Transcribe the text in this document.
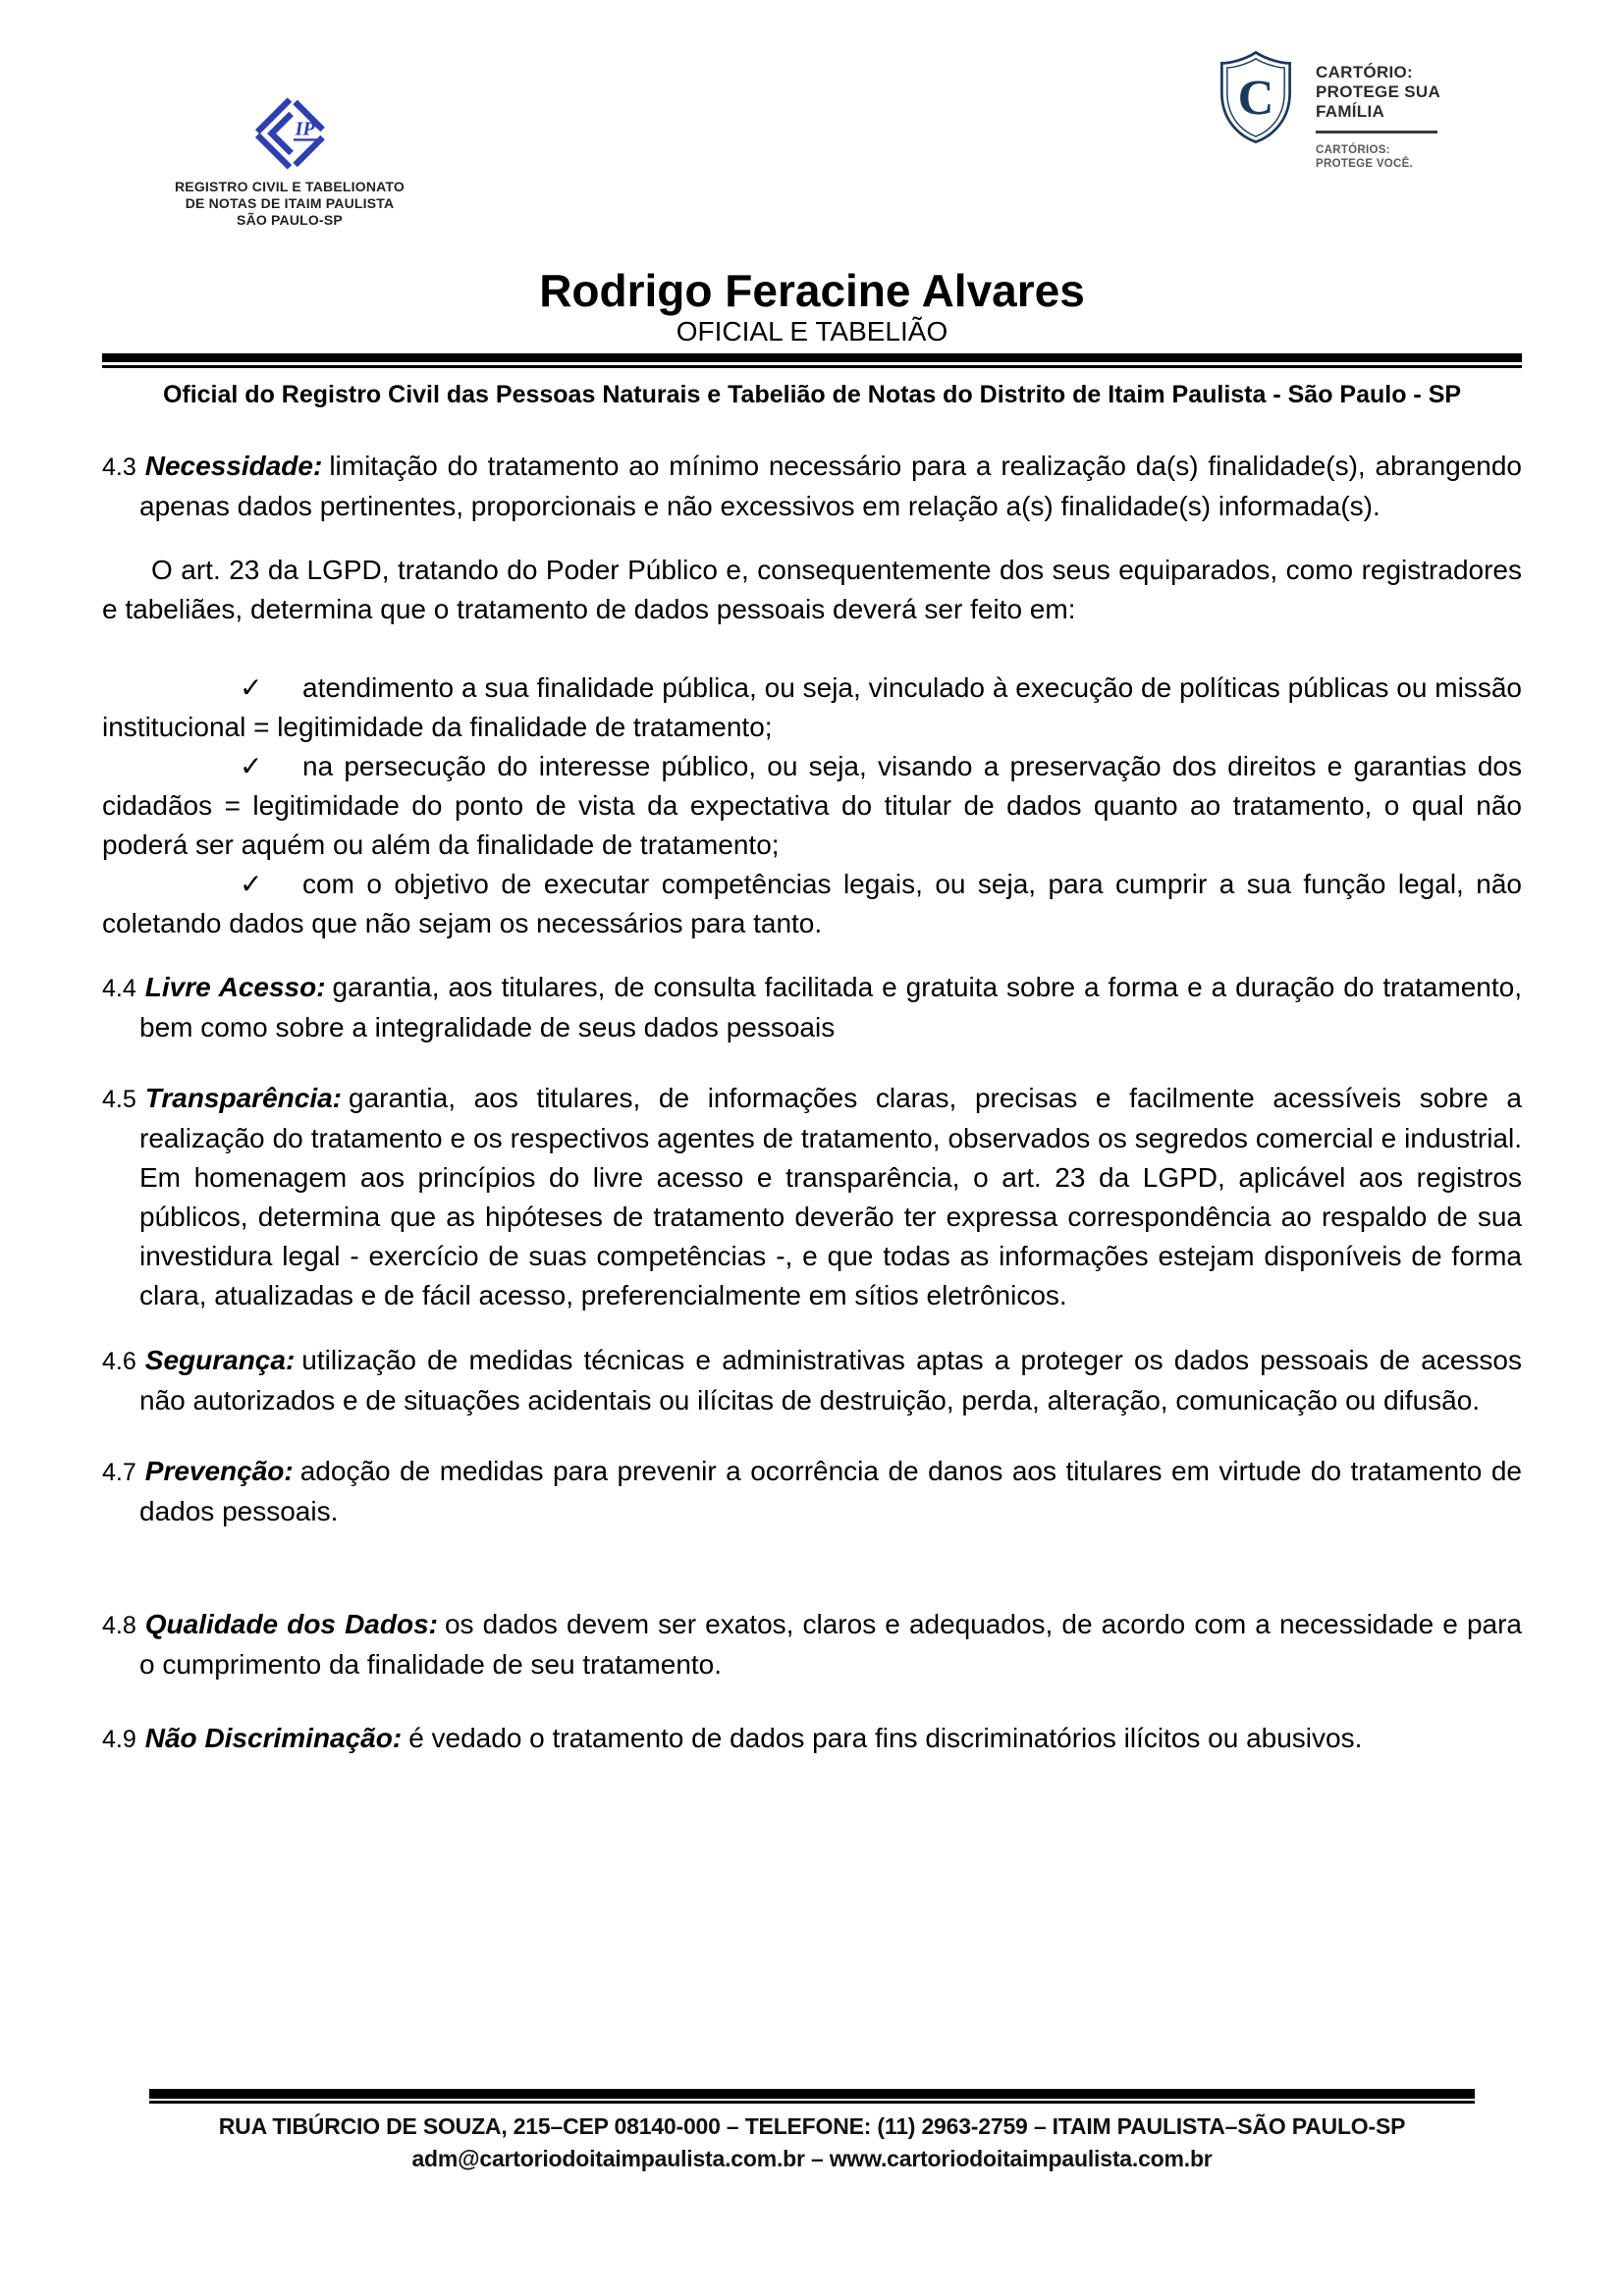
IP
REGISTRO CIVIL E TABELIONATO
DE NOTAS DE ITAIM PAULISTA
SÃO PAULO-SP
C	CARTÓRIO:
PROTEGE SUA
FAMÍLIA
CARTÓRIOS:
PROTEGE VOCÊ.
Rodrigo Feracine Alvares
OFICIAL E TABELIÃO
Oficial do Registro Civil das Pessoas Naturais e Tabelião de Notas do Distrito de Itaim Paulista - São Paulo - SP

4.3 Necessidade: limitação do tratamento ao mínimo necessário para a realização da(s) finalidade(s), abrangendo apenas dados pertinentes, proporcionais e não excessivos em relação a(s) finalidade(s) informada(s).

O art. 23 da LGPD, tratando do Poder Público e, consequentemente dos seus equiparados, como registradores e tabeliães, determina que o tratamento de dados pessoais deverá ser feito em:

✓ atendimento a sua finalidade pública, ou seja, vinculado à execução de políticas públicas ou missão institucional = legitimidade da finalidade de tratamento;

✓ na persecução do interesse público, ou seja, visando a preservação dos direitos e garantias dos cidadãos = legitimidade do ponto de vista da expectativa do titular de dados quanto ao tratamento, o qual não poderá ser aquém ou além da finalidade de tratamento;

✓ com o objetivo de executar competências legais, ou seja, para cumprir a sua função legal, não coletando dados que não sejam os necessários para tanto.

4.4 Livre Acesso: garantia, aos titulares, de consulta facilitada e gratuita sobre a forma e a duração do tratamento, bem como sobre a integralidade de seus dados pessoais

4.5 Transparência: garantia, aos titulares, de informações claras, precisas e facilmente acessíveis sobre a realização do tratamento e os respectivos agentes de tratamento, observados os segredos comercial e industrial. Em homenagem aos princípios do livre acesso e transparência, o art. 23 da LGPD, aplicável aos registros públicos, determina que as hipóteses de tratamento deverão ter expressa correspondência ao respaldo de sua investidura legal - exercício de suas competências -, e que todas as informações estejam disponíveis de forma clara, atualizadas e de fácil acesso, preferencialmente em sítios eletrônicos.

4.6 Segurança: utilização de medidas técnicas e administrativas aptas a proteger os dados pessoais de acessos não autorizados e de situações acidentais ou ilícitas de destruição, perda, alteração, comunicação ou difusão.

4.7 Prevenção: adoção de medidas para prevenir a ocorrência de danos aos titulares em virtude do tratamento de dados pessoais.

4.8 Qualidade dos Dados: os dados devem ser exatos, claros e adequados, de acordo com a necessidade e para o cumprimento da finalidade de seu tratamento.

4.9 Não Discriminação: é vedado o tratamento de dados para fins discriminatórios ilícitos ou abusivos.

RUA TIBÚRCIO DE SOUZA, 215–CEP 08140-000 – TELEFONE: (11) 2963-2759 – ITAIM PAULISTA–SÃO PAULO-SP
adm@cartoriodoitaimpaulista.com.br – www.cartoriodoitaimpaulista.com.br
